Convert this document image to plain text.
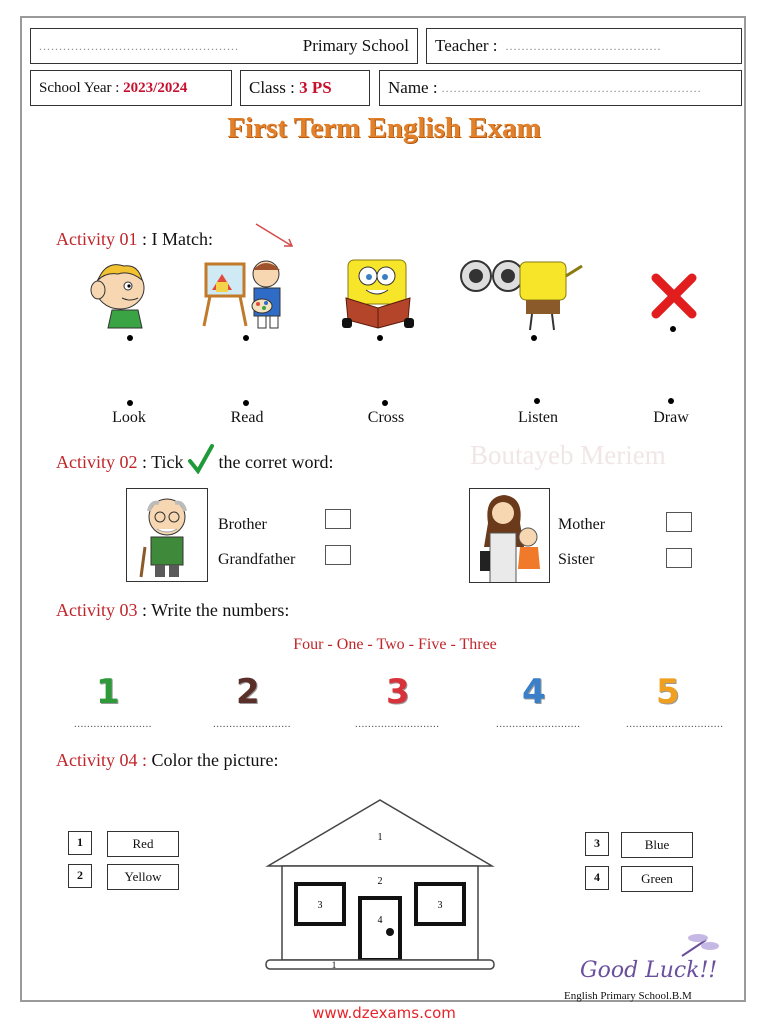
..................................................	Primary School Teacher : .......................................
School Year :
2023/2024	Class :
3 PS	Name : .................................................................
First Term English Exam
Boutayeb Meriem
Activity 01 : I Match:
Look	Read	Cross	Listen	Draw
Activity 02 : Tick the corret word:
Brother
Grandfather
Mother
Sister
Activity 03 : Write the numbers:
Four - One - Two - Five - Three
1	2	3	4	5
........................	........................	..........................	..........................	..............................
Activity 04 : Color the picture:
1	Red
2	Yellow
3	Blue
4	Green
1
2
3	3
4
1	Good Luck!!
English Primary School.B.M
www.dzexams.com
